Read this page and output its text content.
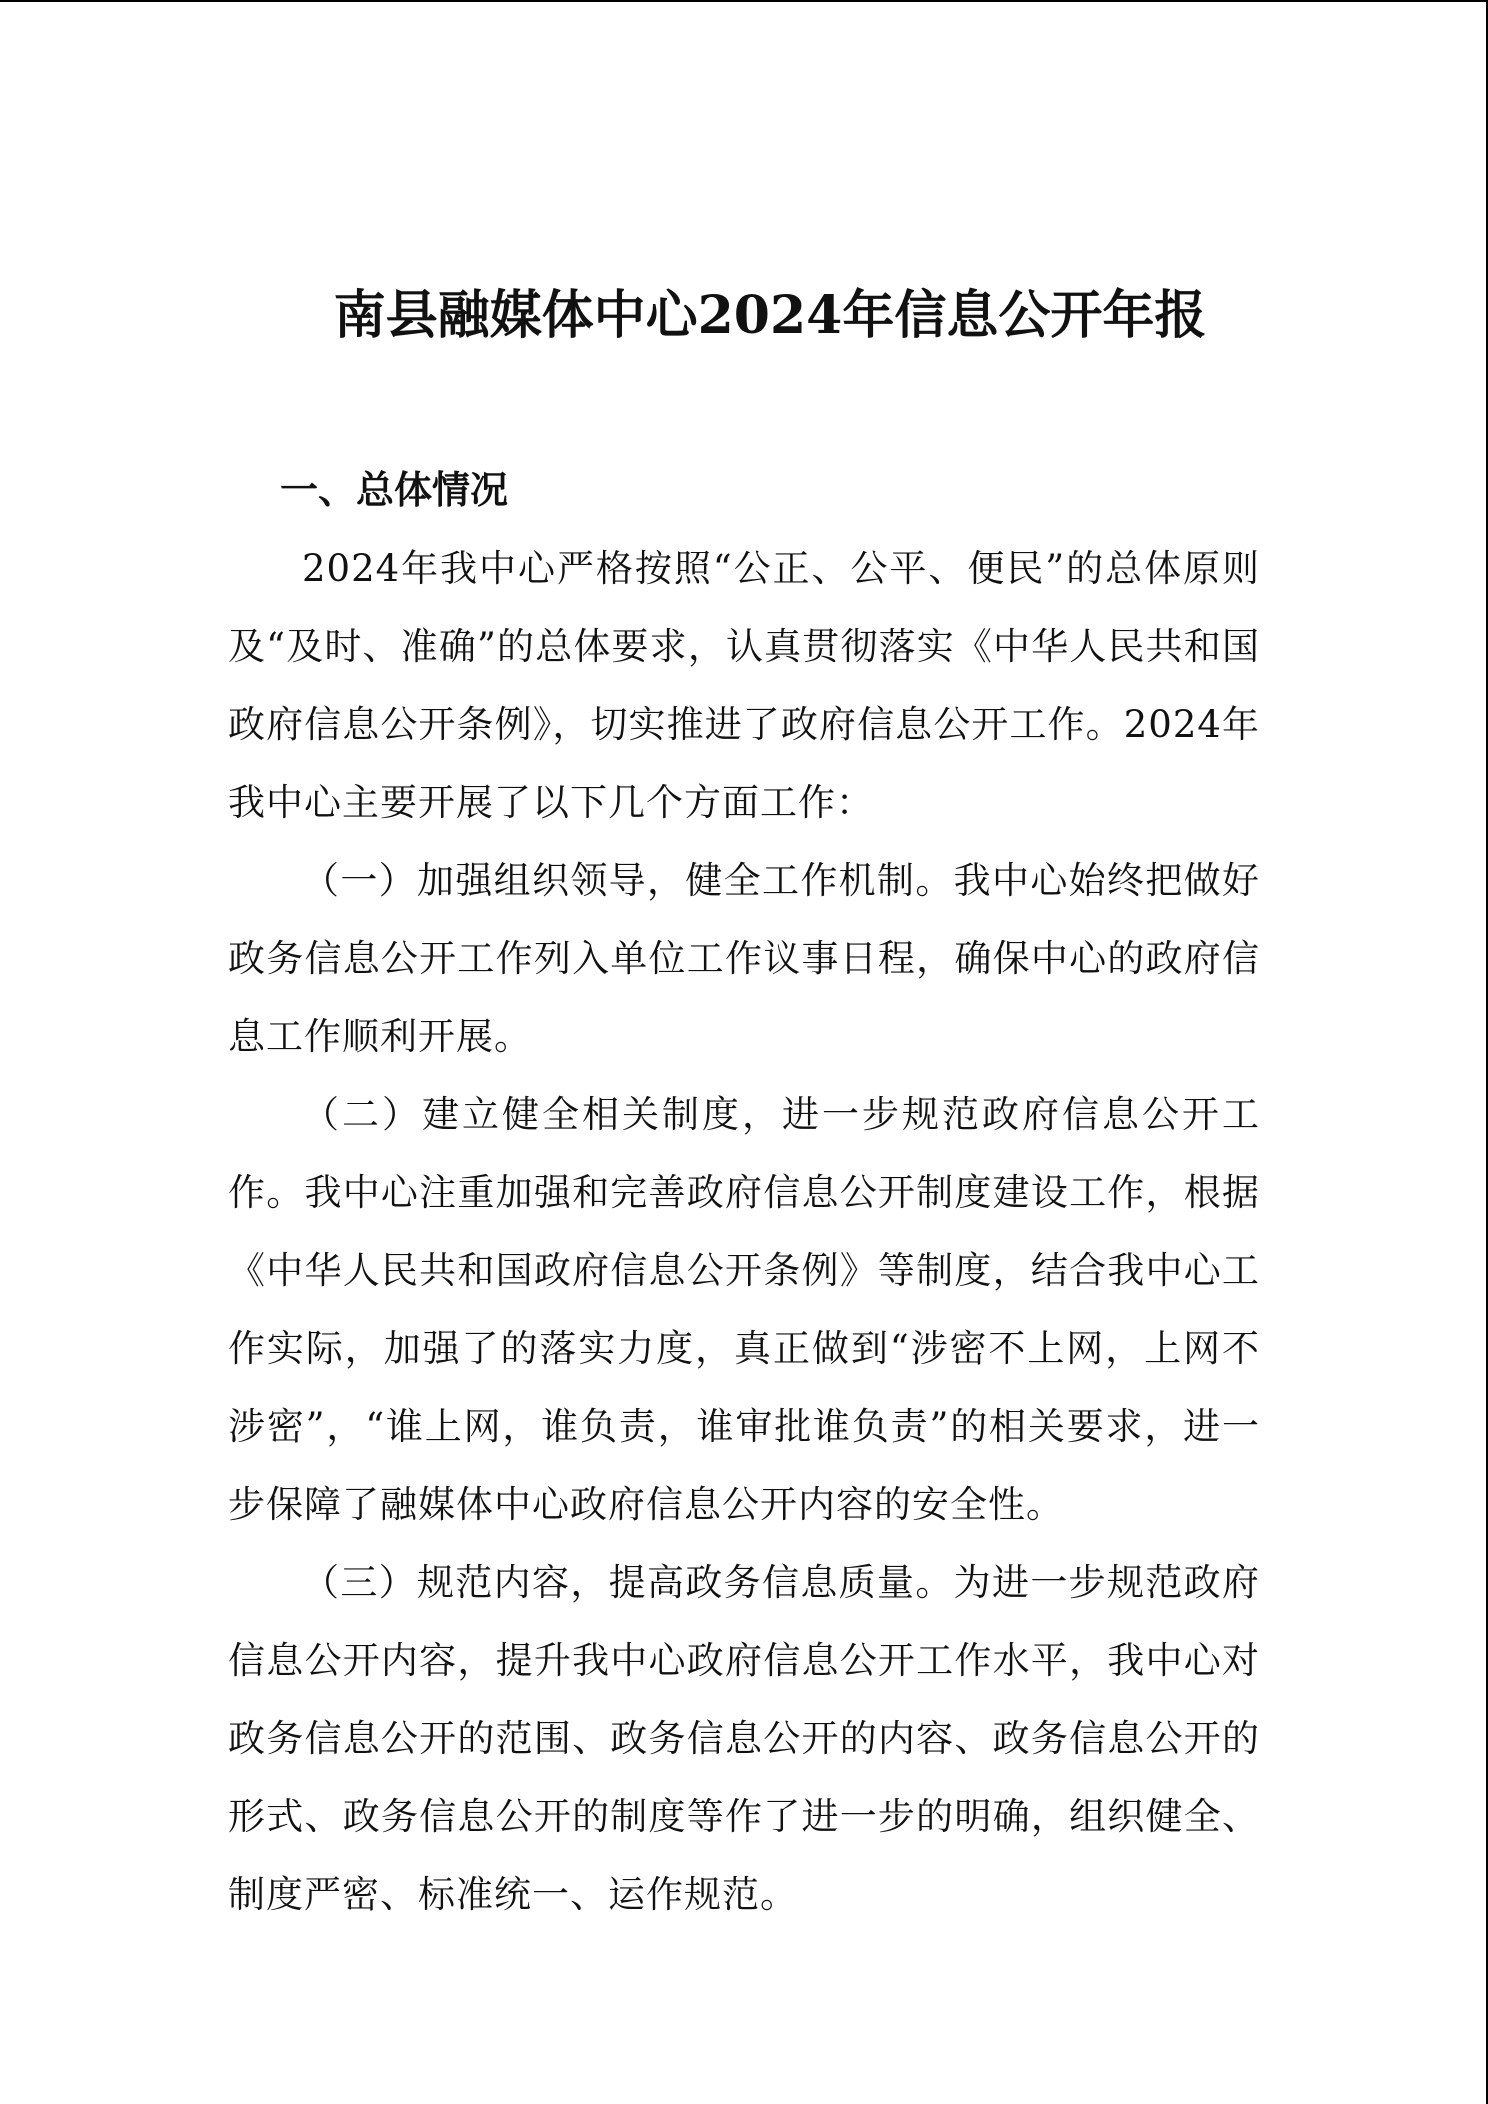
南县融媒体中心2024年信息公开年报
一、总体情况

2024年我中心严格按照“公正、公平、便民”的总体原则及“及时、准确”的总体要求，认真贯彻落实《中华人民共和国政府信息公开条例》，切实推进了政府信息公开工作。2024年我中心主要开展了以下几个方面工作：

（一）加强组织领导，健全工作机制。我中心始终把做好政务信息公开工作列入单位工作议事日程，确保中心的政府信息工作顺利开展。

（二）建立健全相关制度，进一步规范政府信息公开工作。我中心注重加强和完善政府信息公开制度建设工作，根据《中华人民共和国政府信息公开条例》等制度，结合我中心工作实际，加强了的落实力度，真正做到“涉密不上网，上网不涉密”，“谁上网，谁负责，谁审批谁负责”的相关要求，进一步保障了融媒体中心政府信息公开内容的安全性。

（三）规范内容，提高政务信息质量。为进一步规范政府信息公开内容，提升我中心政府信息公开工作水平，我中心对政务信息公开的范围、政务信息公开的内容、政务信息公开的形式、政务信息公开的制度等作了进一步的明确，组织健全、制度严密、标准统一、运作规范。
